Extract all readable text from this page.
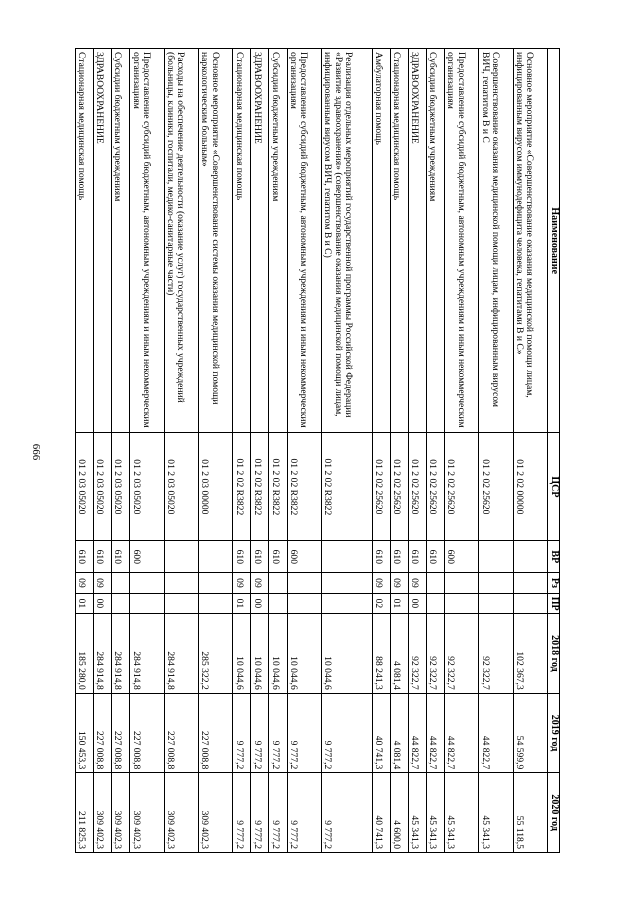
666
Наименование	ЦСР	ВР	Рз	ПР	2018 год	2019 год	2020 год
Основное мероприятие «Совершенствование оказания медицинской помощи лицам, инфицированным вирусом иммунодефицита человека, гепатитами В и С»	01 2 02 00000				102 367,3	54 599,9	55 118,5
Совершенствование оказания медицинской помощи лицам, инфицированным вирусом ВИЧ, гепатитом В и С	01 2 02 25620				92 322,7	44 822,7	45 341,3
Предоставление субсидий бюджетным, автономным учреждениям и иным некоммерческим организациям	01 2 02 25620	600			92 322,7	44 822,7	45 341,3
Субсидии бюджетным учреждениям	01 2 02 25620	610			92 322,7	44 822,7	45 341,3
ЗДРАВООХРАНЕНИЕ	01 2 02 25620	610	09	00	92 322,7	44 822,7	45 341,3
Стационарная медицинская помощь	01 2 02 25620	610	09	01	4 081,4	4 081,4	4 600,0
Амбулаторная помощь	01 2 02 25620	610	09	02	88 241,3	40 741,3	40 741,3
Реализация отдельных мероприятий государственной программы Российской Федерации «Развитие здравоохранения» (совершенствование оказания медицинской помощи лицам, инфицированным вирусом ВИЧ, гепатитом В и С)	01 2 02 R3822				10 044,6	9 777,2	9 777,2
Предоставление субсидий бюджетным, автономным учреждениям и иным некоммерческим организациям	01 2 02 R3822	600			10 044,6	9 777,2	9 777,2
Субсидии бюджетным учреждениям	01 2 02 R3822	610			10 044,6	9 777,2	9 777,2
ЗДРАВООХРАНЕНИЕ	01 2 02 R3822	610	09	00	10 044,6	9 777,2	9 777,2
Стационарная медицинская помощь	01 2 02 R3822	610	09	01	10 044,6	9 777,2	9 777,2
Основное мероприятие «Совершенствование системы оказания медицинской помощи наркологическим больным»	01 2 03 00000				285 322,2	227 008,8	309 402,3
Расходы на обеспечение деятельности (оказание услуг) государственных учреждений (больницы, клиники, госпитали, медико-санитарные части)	01 2 03 05020				284 914,8	227 008,8	309 402,3
Предоставление субсидий бюджетным, автономным учреждениям и иным некоммерческим организациям	01 2 03 05020	600			284 914,8	227 008,8	309 402,3
Субсидии бюджетным учреждениям	01 2 03 05020	610			284 914,8	227 008,8	309 402,3
ЗДРАВООХРАНЕНИЕ	01 2 03 05020	610	09	00	284 914,8	227 008,8	309 402,3
Стационарная медицинская помощь	01 2 03 05020	610	09	01	185 280,0	150 453,3	211 825,3
